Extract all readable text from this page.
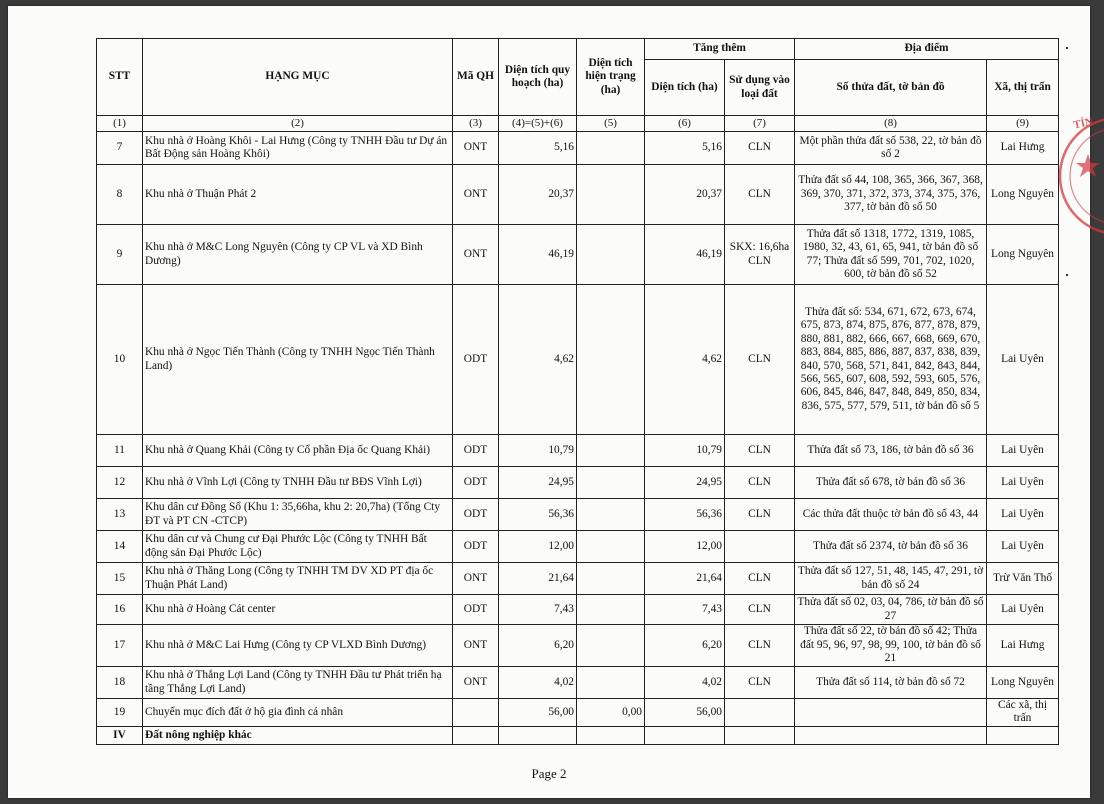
STT	HẠNG MỤC	Mã QH	Diện tích quy hoạch (ha)	Diện tích hiện trạng (ha)	Tăng thêm		Địa điểm	
					Diện tích (ha)	Sử dụng vào loại đất	Số thửa đất, tờ bản đồ	Xã, thị trấn
(1)	(2)	(3)	(4)=(5)+(6)	(5)	(6)	(7)	(8)	(9)
7	Khu nhà ở Hoàng Khôi - Lai Hưng (Công ty TNHH Đầu tư Dự án Bất Động sản Hoàng Khôi)	ONT	5,16		5,16	CLN	Một phần thửa đất số 538, 22, tờ bản đồ số 2	Lai Hưng
8	Khu nhà ở Thuận Phát 2	ONT	20,37		20,37	CLN	Thửa đất số 44, 108, 365, 366, 367, 368, 369, 370, 371, 372, 373, 374, 375, 376, 377, tờ bản đồ số 50	Long Nguyên
9	Khu nhà ở M&C Long Nguyên (Công ty CP VL và XD Bình Dương)	ONT	46,19		46,19	SKX: 16,6ha CLN	Thửa đất số 1318, 1772, 1319, 1085, 1980, 32, 43, 61, 65, 941, tờ bản đồ số 77; Thửa đất số 599, 701, 702, 1020, 600, tờ bản đồ số 52	Long Nguyên
10	Khu nhà ở Ngọc Tiến Thành (Công ty TNHH Ngọc Tiến Thành Land)	ODT	4,62		4,62	CLN	Thửa đất số: 534, 671, 672, 673, 674, 675, 873, 874, 875, 876, 877, 878, 879, 880, 881, 882, 666, 667, 668, 669, 670, 883, 884, 885, 886, 887, 837, 838, 839, 840, 570, 568, 571, 841, 842, 843, 844, 566, 565, 607, 608, 592, 593, 605, 576, 606, 845, 846, 847, 848, 849, 850, 834, 836, 575, 577, 579, 511, tờ bản đồ số 5	Lai Uyên
11	Khu nhà ở Quang Khải (Công ty Cổ phần Địa ốc Quang Khải)	ODT	10,79		10,79	CLN	Thửa đất số 73, 186, tờ bản đồ số 36	Lai Uyên
12	Khu nhà ở Vĩnh Lợi (Công ty TNHH Đầu tư BĐS Vĩnh Lợi)	ODT	24,95		24,95	CLN	Thửa đất số 678, tờ bản đồ số 36	Lai Uyên
13	Khu dân cư Đồng Sổ (Khu 1: 35,66ha, khu 2: 20,7ha) (Tổng Cty ĐT và PT CN -CTCP)	ODT	56,36		56,36	CLN	Các thửa đất thuộc tờ bản đồ số 43, 44	Lai Uyên
14	Khu dân cư và Chung cư Đại Phước Lộc (Công ty TNHH Bất động sản Đại Phước Lộc)	ODT	12,00		12,00		Thửa đất số 2374, tờ bản đồ số 36	Lai Uyên
15	Khu nhà ở Thăng Long (Công ty TNHH TM DV XD PT địa ốc Thuận Phát Land)	ONT	21,64		21,64	CLN	Thửa đất số 127, 51, 48, 145, 47, 291, tờ bản đồ số 24	Trừ Văn Thố
16	Khu nhà ở Hoàng Cát center	ODT	7,43		7,43	CLN	Thửa đất số 02, 03, 04, 786, tờ bản đồ số 27	Lai Uyên
17	Khu nhà ở M&C Lai Hưng (Công ty CP VLXD Bình Dương)	ONT	6,20		6,20	CLN	Thửa đất số 22, tờ bản đồ số 42; Thửa đất 95, 96, 97, 98, 99, 100, tờ bản đồ số 21	Lai Hưng
18	Khu nhà ở Thắng Lợi Land (Công ty TNHH Đầu tư Phát triển hạ tầng Thắng Lợi Land)	ONT	4,02		4,02	CLN	Thửa đất số 114, tờ bản đồ số 72	Long Nguyên
19	Chuyển mục đích đất ở hộ gia đình cá nhân		56,00	0,00	56,00			Các xã, thị trấn
IV	Đất nông nghiệp khác							
Page 2
TỈN
